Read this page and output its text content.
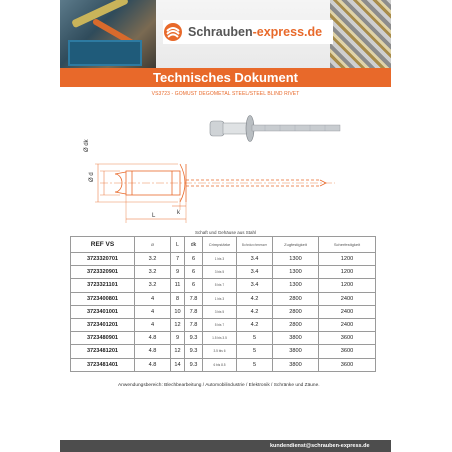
Schrauben-express.de
Technisches Dokument
VS3723 - GOMUST DEGOMETAL STEEL/STEEL BLIND RIVET
Ø d
Ø dk
k
L
Schaft und Gehäuse aus Stahl
REF VS	Ø	L	dk	Crimpstärke	Bohrdurchmesser	Zugfestigkeit	Scherfestigkeit
3723320701	3.2	7	6	1 bis 3	3.4	1300	1200
3723320901	3.2	9	6	3 bis 5	3.4	1300	1200
3723321101	3.2	11	6	5 bis 7	3.4	1300	1200
3723400801	4	8	7.8	1 bis 3	4.2	2800	2400
3723401001	4	10	7.8	3 bis 5	4.2	2800	2400
3723401201	4	12	7.8	5 bis 7	4.2	2800	2400
3723480901	4.8	9	9.3	1.5 bis 3.5	5	3800	3600
3723481201	4.8	12	9.3	3.5 bis 6	5	3800	3600
3723481401	4.8	14	9.3	6 bis 8.5	5	3800	3600
Anwendungsbereich: Blechbearbeitung / Automobilindustrie / Elektronik / Schränke und Zäune.
kundendienst@schrauben-express.de
